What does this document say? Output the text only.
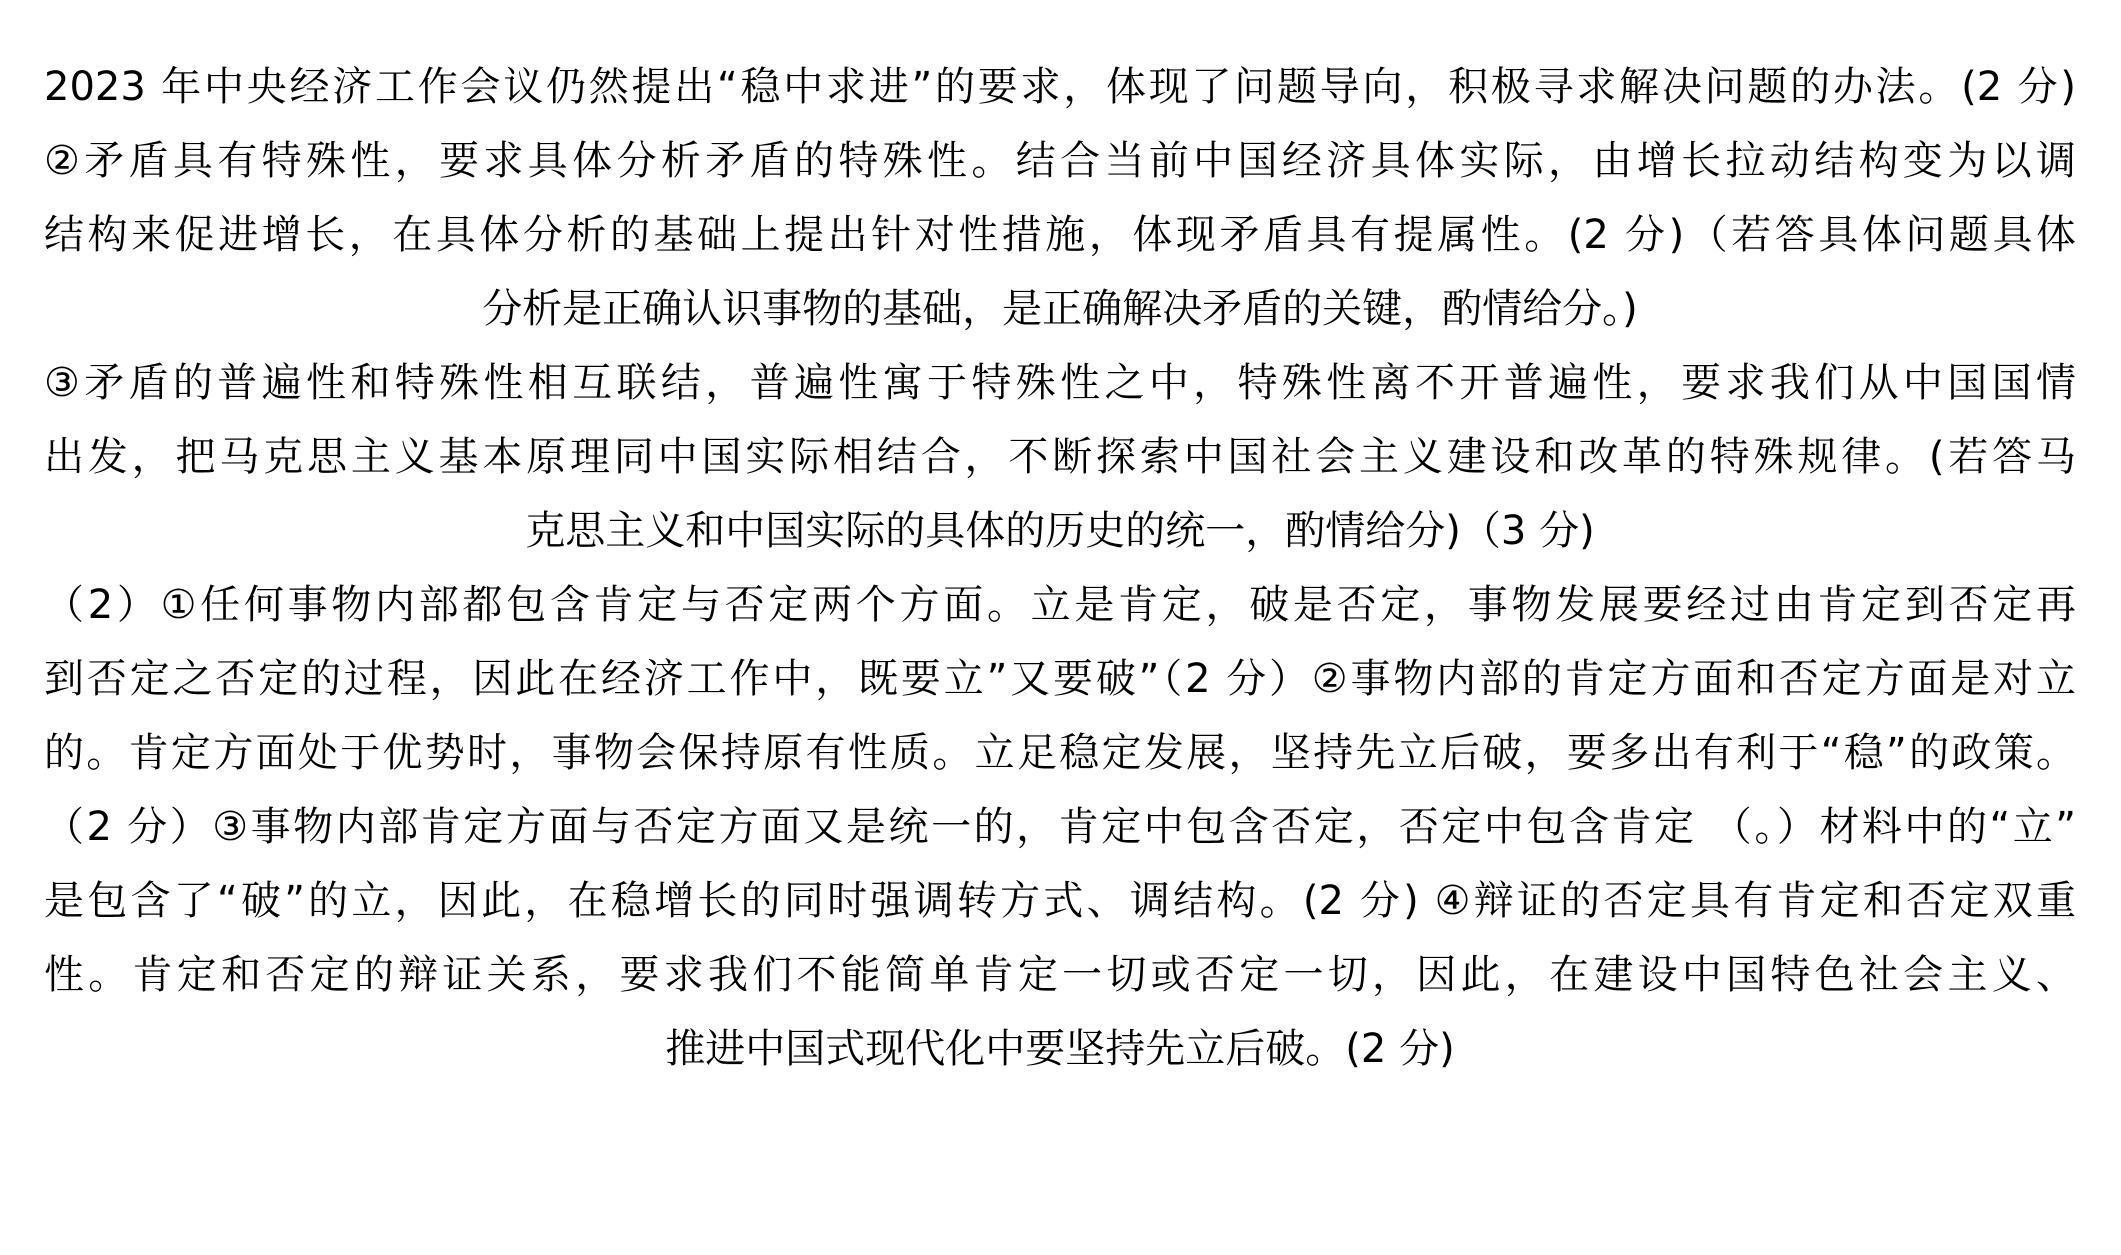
2023 年中央经济工作会议仍然提出“稳中求进”的要求，体现了问题导向，积极寻求解决问题的办法。(2 分)
②矛盾具有特殊性，要求具体分析矛盾的特殊性。结合当前中国经济具体实际，由增长拉动结构变为以调
结构来促进增长，在具体分析的基础上提出针对性措施，体现矛盾具有提属性。(2 分)（若答具体问题具体
分析是正确认识事物的基础，是正确解决矛盾的关键，酌情给分。)
③矛盾的普遍性和特殊性相互联结，普遍性寓于特殊性之中，特殊性离不开普遍性，要求我们从中国国情
出发，把马克思主义基本原理同中国实际相结合，不断探索中国社会主义建设和改革的特殊规律。(若答马
克思主义和中国实际的具体的历史的统一，酌情给分)（3 分)
（2）①任何事物内部都包含肯定与否定两个方面。立是肯定，破是否定，事物发展要经过由肯定到否定再
到否定之否定的过程，因此在经济工作中，既要立”又要破”（2 分）②事物内部的肯定方面和否定方面是对立
的。肯定方面处于优势时，事物会保持原有性质。立足稳定发展，坚持先立后破，要多出有利于“稳”的政策。
（2 分）③事物内部肯定方面与否定方面又是统一的，肯定中包含否定，否定中包含肯定 （。）材料中的“立”
是包含了“破”的立，因此，在稳增长的同时强调转方式、调结构。(2 分) ④辩证的否定具有肯定和否定双重
性。肯定和否定的辩证关系，要求我们不能简单肯定一切或否定一切，因此，在建设中国特色社会主义、
推进中国式现代化中要坚持先立后破。(2 分)
